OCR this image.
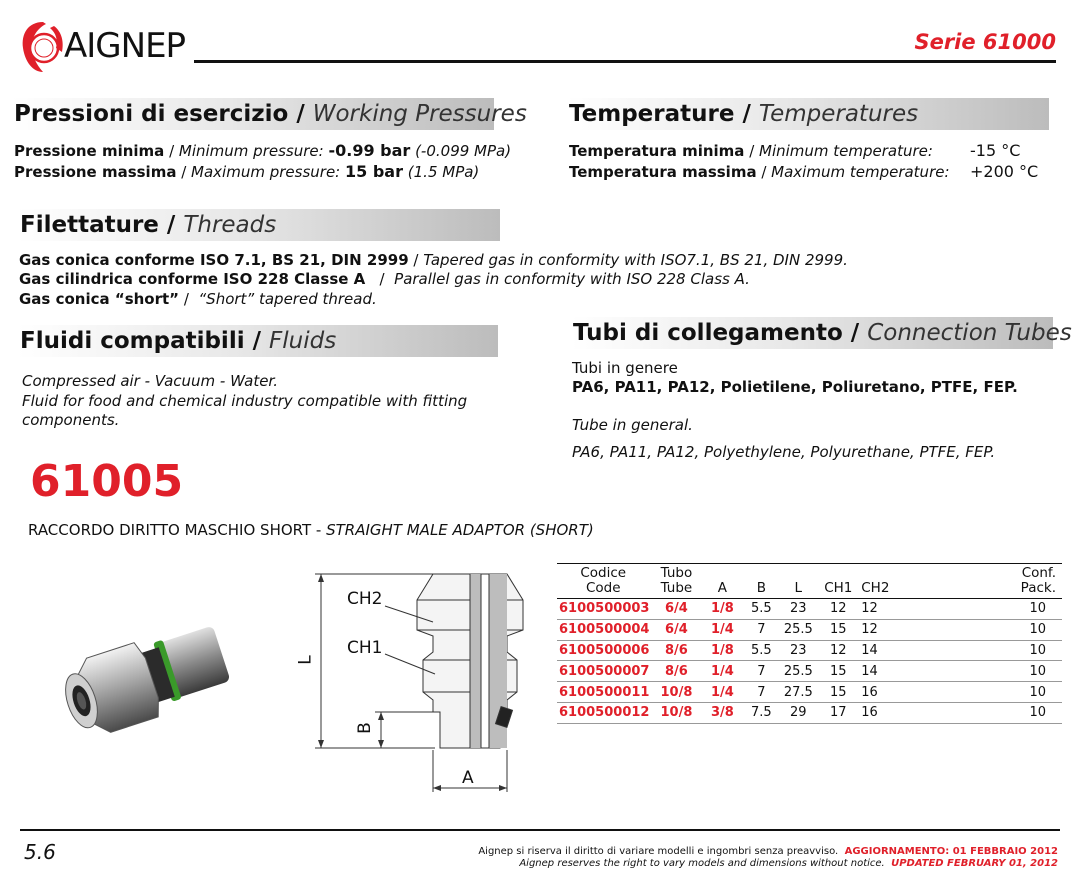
AIGNEP	Serie 61000
Pressioni di esercizio / Working Pressures
Pressione minima / Minimum pressure: -0.99 bar (-0.099 MPa)
Pressione massima / Maximum pressure: 15 bar (1.5 MPa)
Temperature / Temperatures
Temperatura minima / Minimum temperature: -15 °C
Temperatura massima / Maximum temperature: +200 °C
Filettature / Threads
Gas conica conforme ISO 7.1, BS 21, DIN 2999 / Tapered gas in conformity with ISO7.1, BS 21, DIN 2999.
Gas cilindrica conforme ISO 228 Classe A   /  Parallel gas in conformity with ISO 228 Class A.
Gas conica “short” /  “Short” tapered thread.
Fluidi compatibili / Fluids
Compressed air - Vacuum - Water.
Fluid for food and chemical industry compatible with fitting
components.
Tubi di collegamento / Connection Tubes
Tubi in genere
PA6, PA11, PA12, Polietilene, Poliuretano, PTFE, FEP.
Tube in general.
PA6, PA11, PA12, Polyethylene, Polyurethane, PTFE, FEP.
61005
RACCORDO DIRITTO MASCHIO SHORT - STRAIGHT MALE ADAPTOR (SHORT)
CH2
CH1
L
B
A
Codice
Code	Tubo
Tube	A	B	L	CH1	CH2	Conf.
Pack.
6100500003	6/4	1/8	5.5	23	12	12	10
6100500004	6/4	1/4	7	25.5	15	12	10
6100500006	8/6	1/8	5.5	23	12	14	10
6100500007	8/6	1/4	7	25.5	15	14	10
6100500011	10/8	1/4	7	27.5	15	16	10
6100500012	10/8	3/8	7.5	29	17	16	10
5.6	Aignep si riserva il diritto di variare modelli e ingombri senza preavviso. AGGIORNAMENTO: 01 FEBBRAIO 2012
Aignep reserves the right to vary models and dimensions without notice. UPDATED FEBRUARY 01, 2012
